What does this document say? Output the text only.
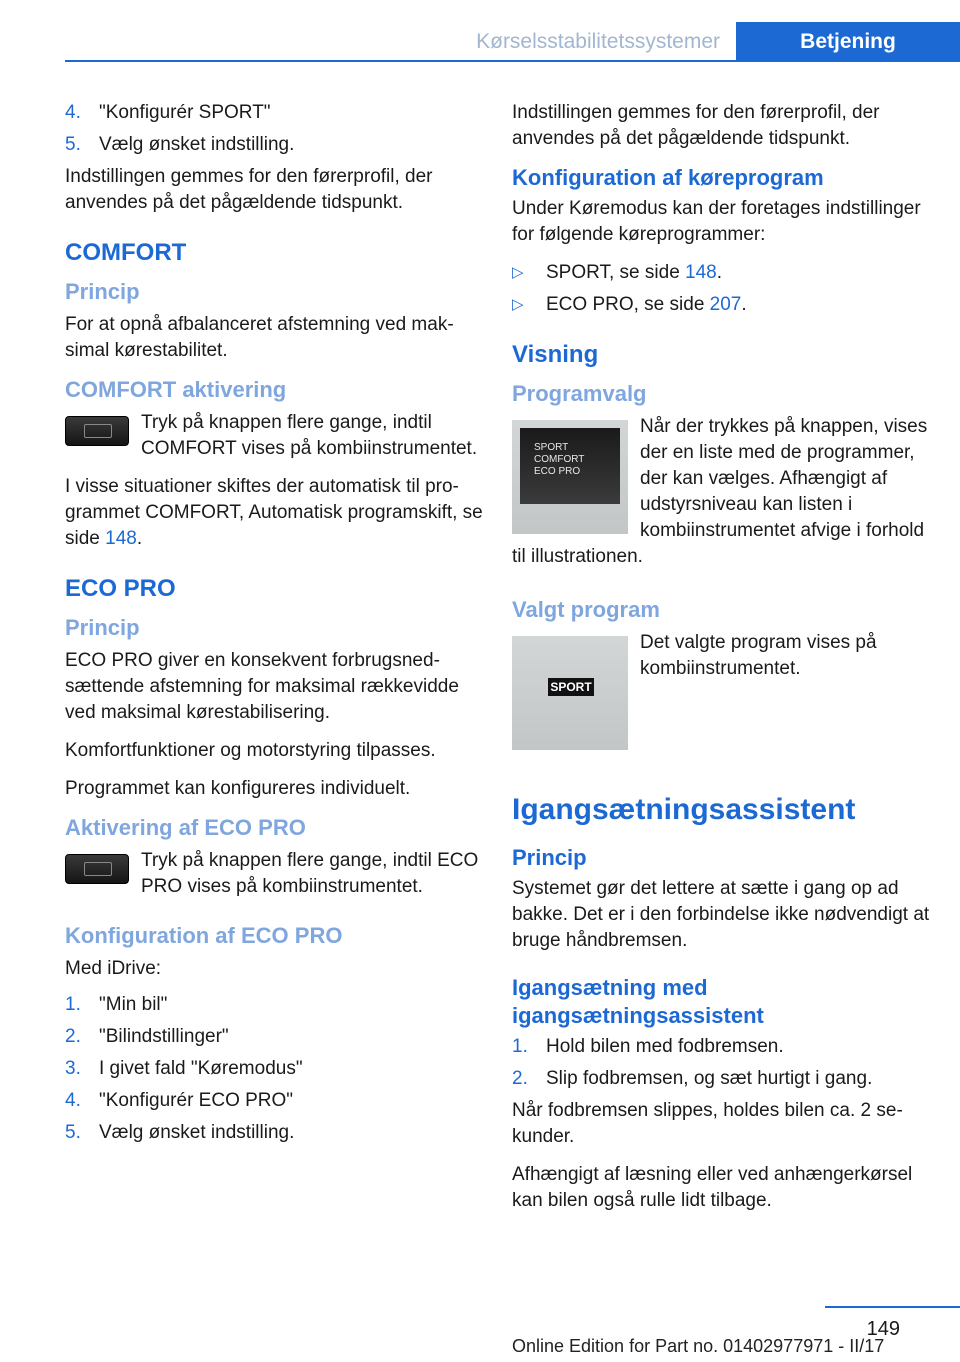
Kørselsstabilitetssystemer	Betjening
4. "Konfigurér SPORT"
5. Vælg ønsket indstilling.

Indstillingen gemmes for den førerprofil, der anvendes på det pågældende tidspunkt.

COMFORT
Princip

For at opnå afbalanceret afstemning ved maksimal kørestabilitet.

COMFORT aktivering

Tryk på knappen flere gange, indtil COMFORT vises på kombiinstrumentet.

I visse situationer skiftes der automatisk til programmet COMFORT, Automatisk programskift, se side 148.

ECO PRO
Princip

ECO PRO giver en konsekvent forbrugsnedsættende afstemning for maksimal rækkevidde ved maksimal kørestabilisering.

Komfortfunktioner og motorstyring tilpasses.

Programmet kan konfigureres individuelt.

Aktivering af ECO PRO

Tryk på knappen flere gange, indtil ECO PRO vises på kombiinstrumentet.

Konfiguration af ECO PRO

Med iDrive:

1. "Min bil"
2. "Bilindstillinger"
3. I givet fald "Køremodus"
4. "Konfigurér ECO PRO"
5. Vælg ønsket indstilling.

Indstillingen gemmes for den førerprofil, der anvendes på det pågældende tidspunkt.

Konfiguration af køreprogram

Under Køremodus kan der foretages indstillinger for følgende køreprogrammer:

▷	SPORT, se side 148.
▷	ECO PRO, se side 207.
Visning
Programvalg
SPORT
COMFORT
ECO PRO

Når der trykkes på knappen, vises der en liste med de programmer, der kan vælges. Afhængigt af udstyrsniveau kan listen i kombiinstrumentet afvige i forhold til illustrationen.

Valgt program
SPORT

Det valgte program vises på kombiinstrumentet.

Igangsætningsassistent
Princip

Systemet gør det lettere at sætte i gang op ad bakke. Det er i den forbindelse ikke nødvendigt at bruge håndbremsen.

Igangsætning med igangsætningsassistent
1. Hold bilen med fodbremsen.
2. Slip fodbremsen, og sæt hurtigt i gang.

Når fodbremsen slippes, holdes bilen ca. 2 sekunder.

Afhængigt af læsning eller ved anhængerkørsel kan bilen også rulle lidt tilbage.

149
Online Edition for Part no. 01402977971 - II/17
